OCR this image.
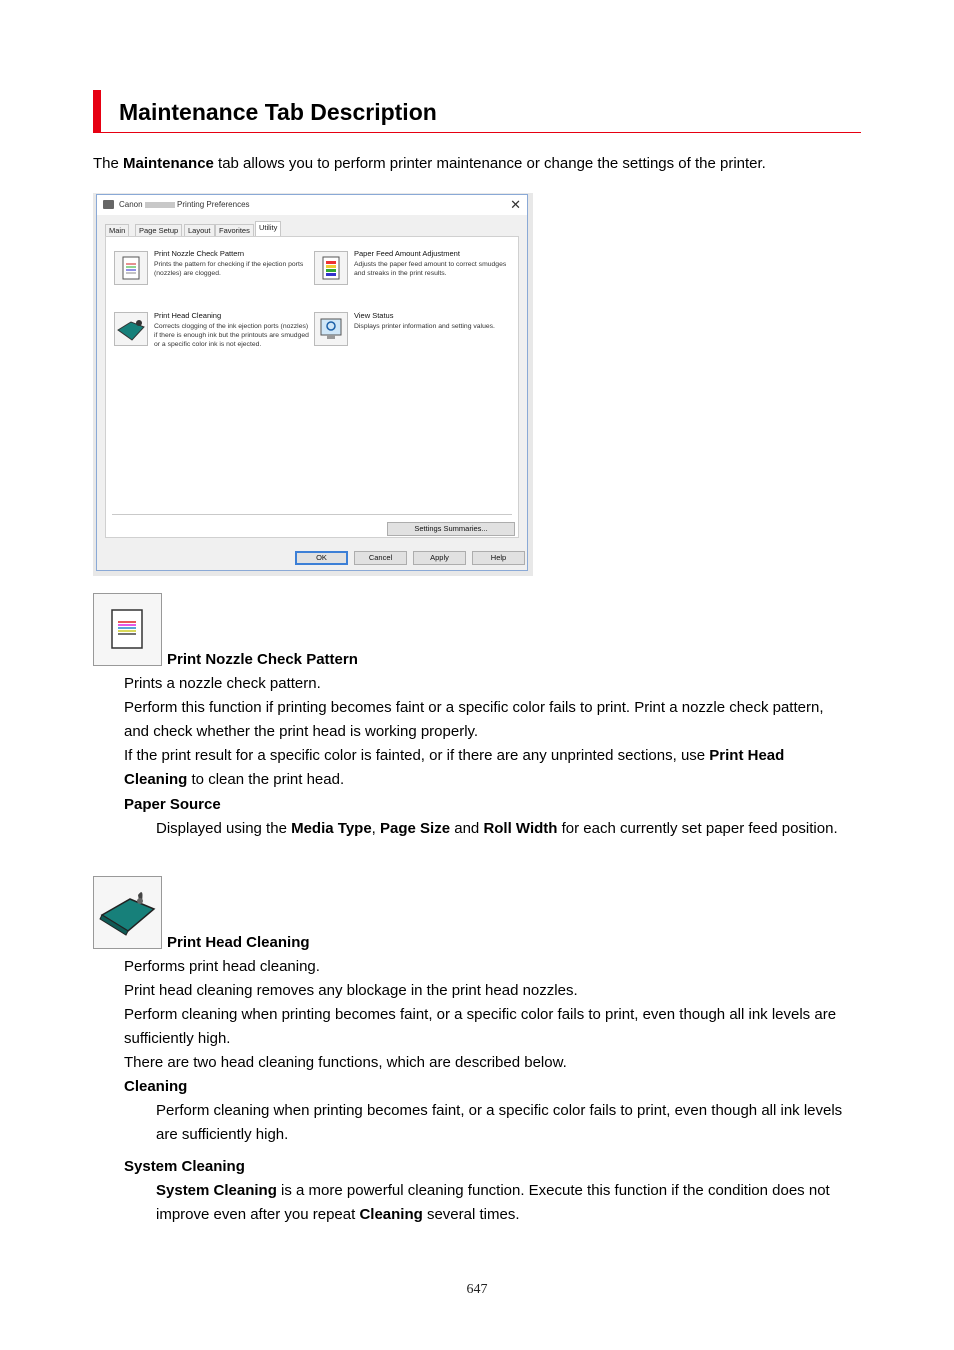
Maintenance Tab Description
The Maintenance tab allows you to perform printer maintenance or change the settings of the printer.
Canon	Printing Preferences	✕
Main	Page Setup	Layout	Favorites	Utility
Print Nozzle Check Pattern
Prints the pattern for checking if the ejection ports (nozzles) are clogged.
Paper Feed Amount Adjustment
Adjusts the paper feed amount to correct smudges and streaks in the print results.
Print Head Cleaning
Corrects clogging of the ink ejection ports (nozzles) if there is enough ink but the printouts are smudged or a specific color ink is not ejected.
View Status
Displays printer information and setting values.
Settings Summaries...
OK	Cancel	Apply	Help
Print Nozzle Check Pattern
Prints a nozzle check pattern.
Perform this function if printing becomes faint or a specific color fails to print. Print a nozzle check pattern, and check whether the print head is working properly.
If the print result for a specific color is fainted, or if there are any unprinted sections, use Print Head Cleaning to clean the print head.
Paper Source
Displayed using the Media Type, Page Size and Roll Width for each currently set paper feed position.
Print Head Cleaning
Performs print head cleaning.
Print head cleaning removes any blockage in the print head nozzles.
Perform cleaning when printing becomes faint, or a specific color fails to print, even though all ink levels are sufficiently high.
There are two head cleaning functions, which are described below.
Cleaning
Perform cleaning when printing becomes faint, or a specific color fails to print, even though all ink levels are sufficiently high.
System Cleaning
System Cleaning is a more powerful cleaning function. Execute this function if the condition does not improve even after you repeat Cleaning several times.
647
